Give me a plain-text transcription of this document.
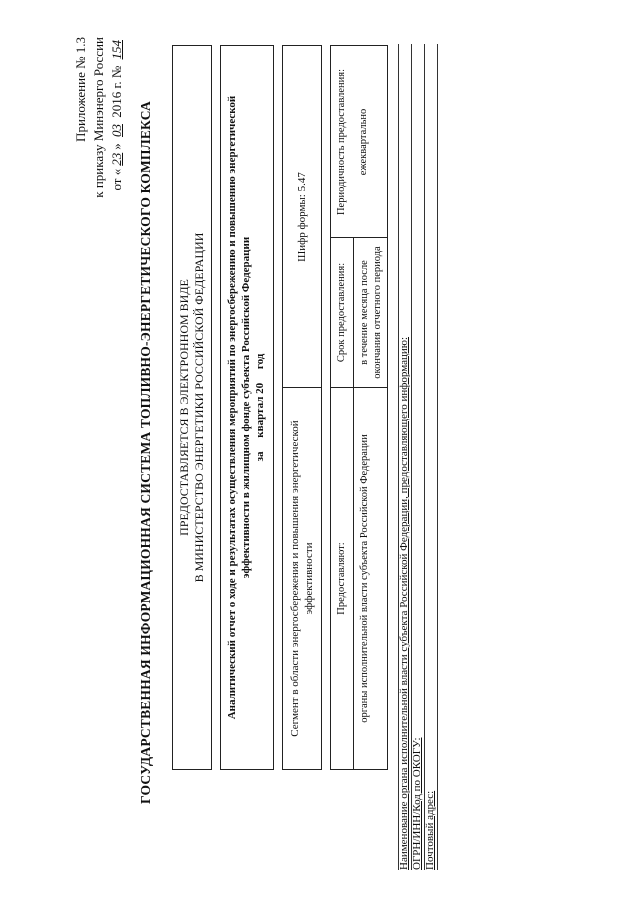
Приложение № 1.3 к приказу Минэнерго России от «23» 03 2016 г. № 154
ГОСУДАРСТВЕННАЯ ИНФОРМАЦИОННАЯ СИСТЕМА ТОПЛИВНО-ЭНЕРГЕТИЧЕСКОГО КОМПЛЕКСА ПРЕДОСТАВЛЯЕТСЯ В ЭЛЕКТРОННОМ ВИДЕ В МИНИСТЕРСТВО ЭНЕРГЕТИКИ РОССИЙСКОЙ ФЕДЕРАЦИИ Аналитический отчет о ходе и результатах осуществления мероприятий по энергосбережению и повышению энергетической эффективности в жилищном фонде субъекта Российской Федерации за     квартал 20     год
Сегмент в области энергосбережения и повышения энергетической эффективности
Шифр формы: 5.47
Предоставляют:	органы исполнительной власти субъекта Российской Федерации
Срок предоставления:	в течение месяца после окончания отчетного периода
Периодичность предоставления:	ежеквартально
Наименование органа исполнительной власти субъекта Российской Федерации, предоставляющего информацию: ОГРН/ИНН/Код по ОКОГУ: Почтовый адрес:
